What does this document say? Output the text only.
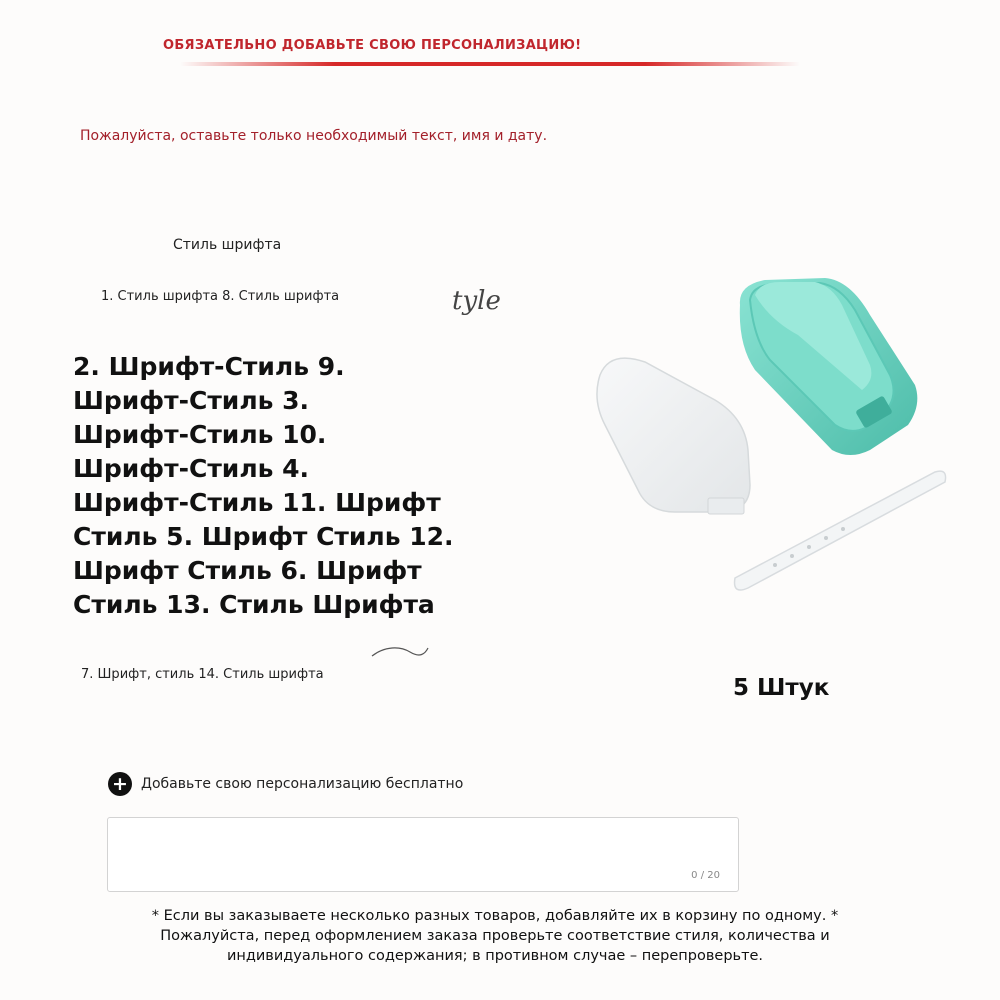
ОБЯЗАТЕЛЬНО ДОБАВЬТЕ СВОЮ ПЕРСОНАЛИЗАЦИЮ!
Пожалуйста, оставьте только необходимый текст, имя и дату.
Стиль шрифта
1. Стиль шрифта 8. Стиль шрифта	tyle
2. Шрифт-Стиль 9.
Шрифт-Стиль 3.
Шрифт-Стиль 10.
Шрифт-Стиль 4.
Шрифт-Стиль 11. Шрифт
Стиль 5. Шрифт Стиль 12.
Шрифт Стиль 6. Шрифт
Стиль 13. Стиль Шрифта
7. Шрифт, стиль 14. Стиль шрифта
5 Штук
+ Добавьте свою персонализацию бесплатно
0 / 20
* Если вы заказываете несколько разных товаров, добавляйте их в корзину по одному. *
Пожалуйста, перед оформлением заказа проверьте соответствие стиля, количества и
индивидуального содержания; в противном случае – перепроверьте.
